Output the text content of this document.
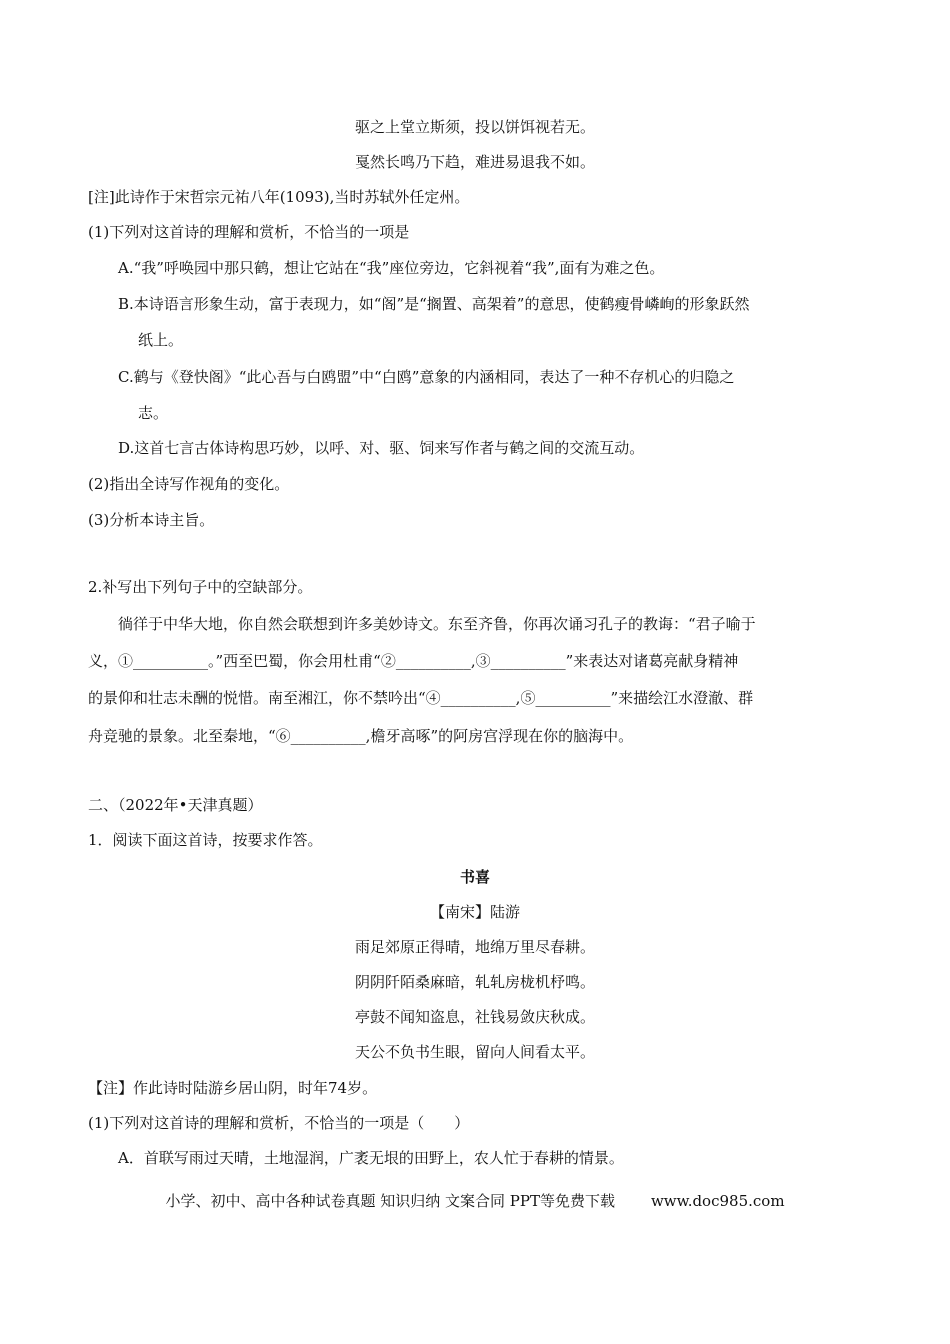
驱之上堂立斯须，投以饼饵视若无。
戛然长鸣乃下趋，难进易退我不如。
[注]此诗作于宋哲宗元祐八年(1093),当时苏轼外任定州。
(1)下列对这首诗的理解和赏析，不恰当的一项是
A.“我”呼唤园中那只鹤，想让它站在“我”座位旁边，它斜视着“我”,面有为难之色。
B.本诗语言形象生动，富于表现力，如“阁”是“搁置、高架着”的意思，使鹤瘦骨嶙峋的形象跃然
纸上。
C.鹤与《登快阁》“此心吾与白鸥盟”中“白鸥”意象的内涵相同，表达了一种不存机心的归隐之
志。
D.这首七言古体诗构思巧妙，以呼、对、驱、饲来写作者与鹤之间的交流互动。
(2)指出全诗写作视角的变化。
(3)分析本诗主旨。
2.补写出下列句子中的空缺部分。
徜徉于中华大地，你自然会联想到许多美妙诗文。东至齐鲁，你再次诵习孔子的教诲：“君子喻于
义，①__________。”西至巴蜀，你会用杜甫“②__________,③__________”来表达对诸葛亮献身精神
的景仰和壮志未酬的悦惜。南至湘江，你不禁吟出“④__________,⑤__________”来描绘江水澄澈、群
舟竞驰的景象。北至秦地，“⑥__________,檐牙高啄”的阿房宫浮现在你的脑海中。
二、（2022年•天津真题）
1．阅读下面这首诗，按要求作答。
书喜
【南宋】陆游
雨足郊原正得晴，地绵万里尽春耕。
阴阴阡陌桑麻暗，轧轧房栊机杼鸣。
亭鼓不闻知盗息，社钱易敛庆秋成。
天公不负书生眼，留向人间看太平。
【注】作此诗时陆游乡居山阴，时年74岁。
(1)下列对这首诗的理解和赏析，不恰当的一项是（　　）
A．首联写雨过天晴，土地湿润，广袤无垠的田野上，农人忙于春耕的情景。
小学、初中、高中各种试卷真题 知识归纳 文案合同 PPT等免费下载 www.doc985.com
